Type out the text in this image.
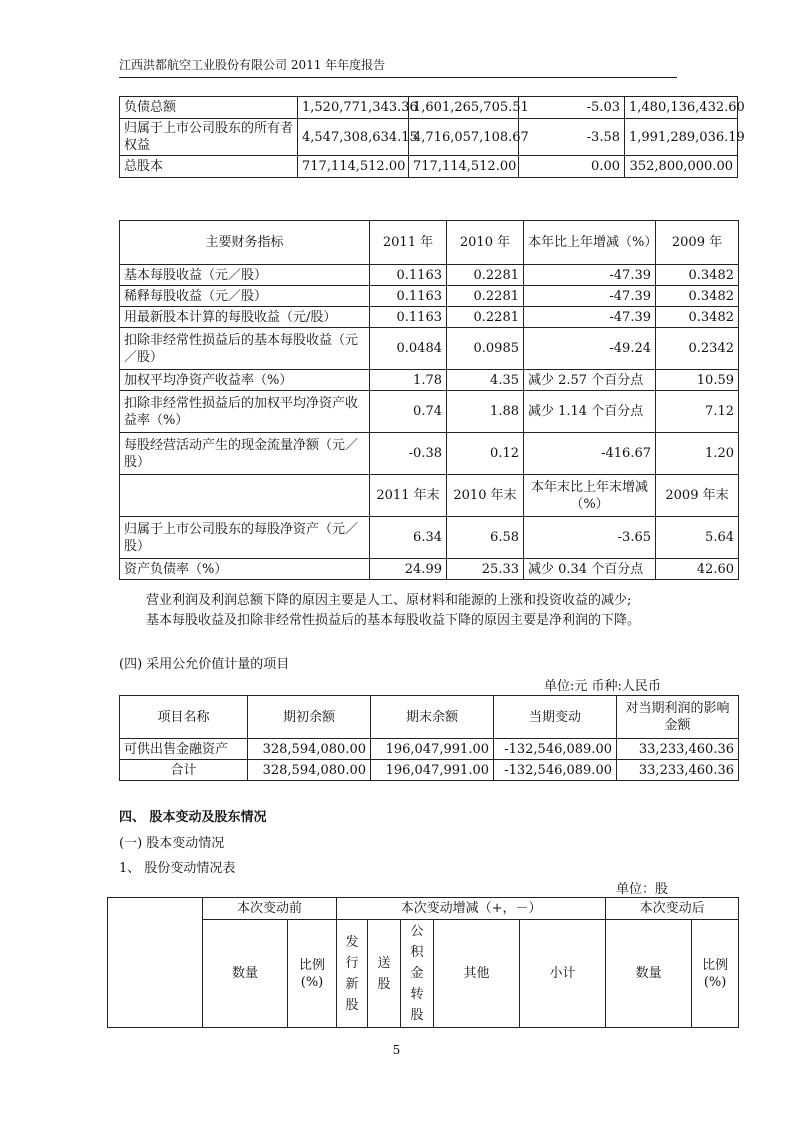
江西洪都航空工业股份有限公司 2011 年年度报告
负债总额	1,520,771,343.36	1,601,265,705.51	-5.03	1,480,136,432.60
归属于上市公司股东的所有者权益	4,547,308,634.15	4,716,057,108.67	-3.58	1,991,289,036.19
总股本	717,114,512.00	717,114,512.00	0.00	352,800,000.00
主要财务指标	2011 年	2010 年	本年比上年增减（%）	2009 年
基本每股收益（元／股）	0.1163	0.2281	-47.39	0.3482
稀释每股收益（元／股）	0.1163	0.2281	-47.39	0.3482
用最新股本计算的每股收益（元/股）	0.1163	0.2281	-47.39	0.3482
扣除非经常性损益后的基本每股收益（元／股）	0.0484	0.0985	-49.24	0.2342
加权平均净资产收益率（%）	1.78	4.35	减少 2.57 个百分点	10.59
扣除非经常性损益后的加权平均净资产收益率（%）	0.74	1.88	减少 1.14 个百分点	7.12
每股经营活动产生的现金流量净额（元／股）	-0.38	0.12	-416.67	1.20
	2011 年末	2010 年末	本年末比上年末增减（%）	2009 年末
归属于上市公司股东的每股净资产（元／股）	6.34	6.58	-3.65	5.64
资产负债率（%）	24.99	25.33	减少 0.34 个百分点	42.60
营业利润及利润总额下降的原因主要是人工、原材料和能源的上涨和投资收益的减少;
基本每股收益及扣除非经常性损益后的基本每股收益下降的原因主要是净利润的下降。
(四) 采用公允价值计量的项目
单位:元 币种:人民币
项目名称	期初余额	期末余额	当期变动	对当期利润的影响金额
可供出售金融资产	328,594,080.00	196,047,991.00	-132,546,089.00	33,233,460.36
合计	328,594,080.00	196,047,991.00	-132,546,089.00	33,233,460.36
四、 股本变动及股东情况
(一) 股本变动情况
1、 股份变动情况表
单位：股
	本次变动前		本次变动增减（+，－）					本次变动后	
	数量	比例(%)	发行新股	送股	公积金转股	其他	小计	数量	比例(%)
5
